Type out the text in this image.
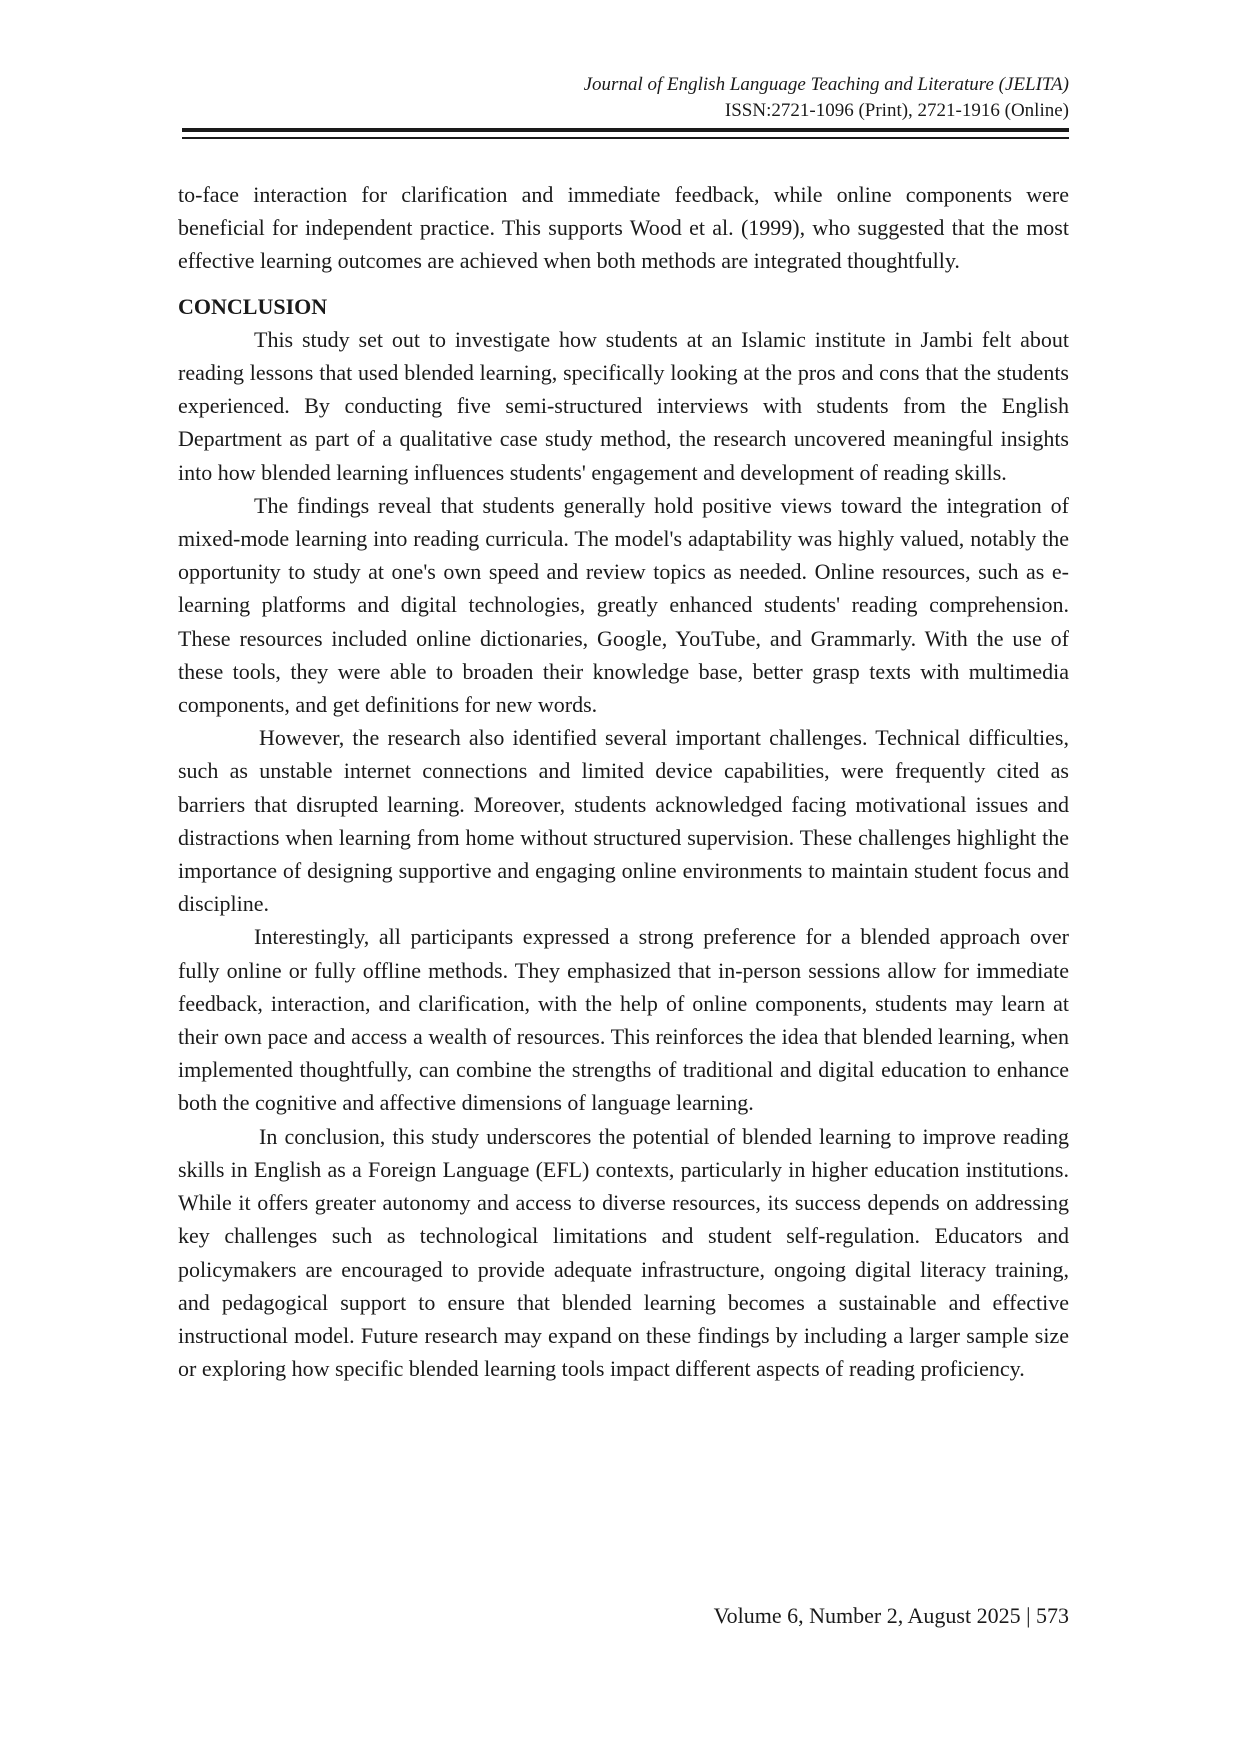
Journal of English Language Teaching and Literature (JELITA)
ISSN:2721-1096 (Print), 2721-1916 (Online)

to-face interaction for clarification and immediate feedback, while online components were beneficial for independent practice. This supports Wood et al. (1999), who suggested that the most effective learning outcomes are achieved when both methods are integrated thoughtfully.

CONCLUSION

This study set out to investigate how students at an Islamic institute in Jambi felt about reading lessons that used blended learning, specifically looking at the pros and cons that the students experienced. By conducting five semi-structured interviews with students from the English Department as part of a qualitative case study method, the research uncovered meaningful insights into how blended learning influences students' engagement and development of reading skills.

The findings reveal that students generally hold positive views toward the integration of mixed-mode learning into reading curricula. The model's adaptability was highly valued, notably the opportunity to study at one's own speed and review topics as needed. Online resources, such as e-learning platforms and digital technologies, greatly enhanced students' reading comprehension. These resources included online dictionaries, Google, YouTube, and Grammarly. With the use of these tools, they were able to broaden their knowledge base, better grasp texts with multimedia components, and get definitions for new words.

However, the research also identified several important challenges. Technical difficulties, such as unstable internet connections and limited device capabilities, were frequently cited as barriers that disrupted learning. Moreover, students acknowledged facing motivational issues and distractions when learning from home without structured supervision. These challenges highlight the importance of designing supportive and engaging online environments to maintain student focus and discipline.

Interestingly, all participants expressed a strong preference for a blended approach over fully online or fully offline methods. They emphasized that in-person sessions allow for immediate feedback, interaction, and clarification, with the help of online components, students may learn at their own pace and access a wealth of resources. This reinforces the idea that blended learning, when implemented thoughtfully, can combine the strengths of traditional and digital education to enhance both the cognitive and affective dimensions of language learning.

In conclusion, this study underscores the potential of blended learning to improve reading skills in English as a Foreign Language (EFL) contexts, particularly in higher education institutions. While it offers greater autonomy and access to diverse resources, its success depends on addressing key challenges such as technological limitations and student self-regulation. Educators and policymakers are encouraged to provide adequate infrastructure, ongoing digital literacy training, and pedagogical support to ensure that blended learning becomes a sustainable and effective instructional model. Future research may expand on these findings by including a larger sample size or exploring how specific blended learning tools impact different aspects of reading proficiency.

Volume 6, Number 2, August 2025 | 573
